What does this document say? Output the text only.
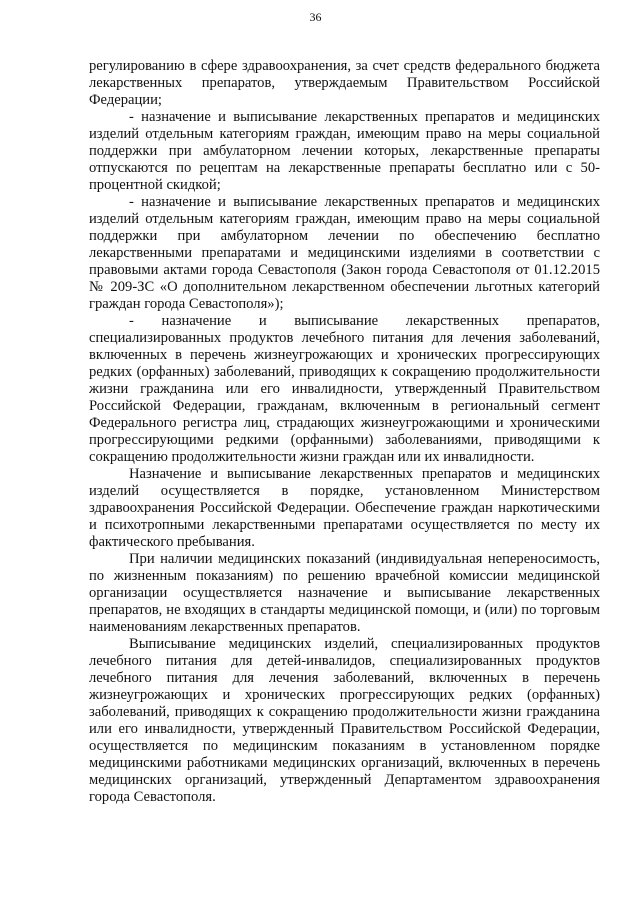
36

регулированию в сфере здравоохранения, за счет средств федерального бюджета лекарственных препаратов, утверждаемым Правительством Российской Федерации;

- назначение и выписывание лекарственных препаратов и медицинских изделий отдельным категориям граждан, имеющим право на меры социальной поддержки при амбулаторном лечении которых, лекарственные препараты отпускаются по рецептам на лекарственные препараты бесплатно или с 50-процентной скидкой;

- назначение и выписывание лекарственных препаратов и медицинских изделий отдельным категориям граждан, имеющим право на меры социальной поддержки при амбулаторном лечении по обеспечению бесплатно лекарственными препаратами и медицинскими изделиями в соответствии с правовыми актами города Севастополя (Закон города Севастополя от 01.12.2015 № 209-ЗС «О дополнительном лекарственном обеспечении льготных категорий граждан города Севастополя»);

- назначение и выписывание лекарственных препаратов, специализированных продуктов лечебного питания для лечения заболеваний, включенных в перечень жизнеугрожающих и хронических прогрессирующих редких (орфанных) заболеваний, приводящих к сокращению продолжительности жизни гражданина или его инвалидности, утвержденный Правительством Российской Федерации, гражданам, включенным в региональный сегмент Федерального регистра лиц, страдающих жизнеугрожающими и хроническими прогрессирующими редкими (орфанными) заболеваниями, приводящими к сокращению продолжительности жизни граждан или их инвалидности.

Назначение и выписывание лекарственных препаратов и медицинских изделий осуществляется в порядке, установленном Министерством здравоохранения Российской Федерации. Обеспечение граждан наркотическими и психотропными лекарственными препаратами осуществляется по месту их фактического пребывания.

При наличии медицинских показаний (индивидуальная непереносимость, по жизненным показаниям) по решению врачебной комиссии медицинской организации осуществляется назначение и выписывание лекарственных препаратов, не входящих в стандарты медицинской помощи, и (или) по торговым наименованиям лекарственных препаратов.

Выписывание медицинских изделий, специализированных продуктов лечебного питания для детей-инвалидов, специализированных продуктов лечебного питания для лечения заболеваний, включенных в перечень жизнеугрожающих и хронических прогрессирующих редких (орфанных) заболеваний, приводящих к сокращению продолжительности жизни гражданина или его инвалидности, утвержденный Правительством Российской Федерации, осуществляется по медицинским показаниям в установленном порядке медицинскими работниками медицинских организаций, включенных в перечень медицинских организаций, утвержденный Департаментом здравоохранения города Севастополя.
